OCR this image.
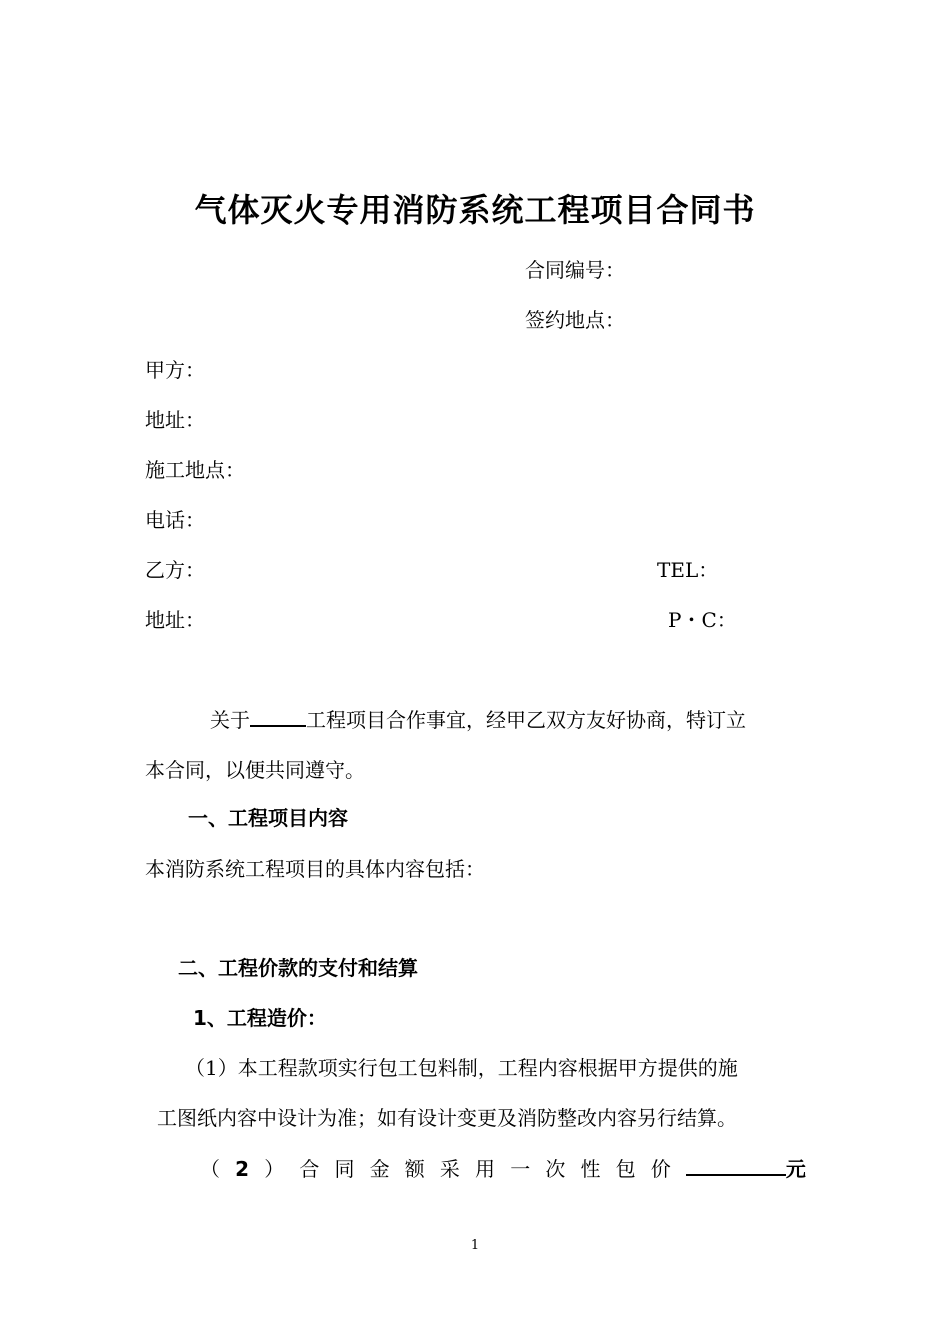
气体灭火专用消防系统工程项目合同书
合同编号：
签约地点：
甲方：
地址：
施工地点：
电话：
乙方：	TEL：
地址：	P・C：
关于	工程项目合作事宜，经甲乙双方友好协商，特订立
本合同，以便共同遵守。
一、工程项目内容
本消防系统工程项目的具体内容包括：
二、工程价款的支付和结算
1、工程造价：
（1）本工程款项实行包工包料制，工程内容根据甲方提供的施
工图纸内容中设计为准；如有设计变更及消防整改内容另行结算。
（ 2 ） 合 同 金 额 采 用 一 次 性 包 价	元
1
